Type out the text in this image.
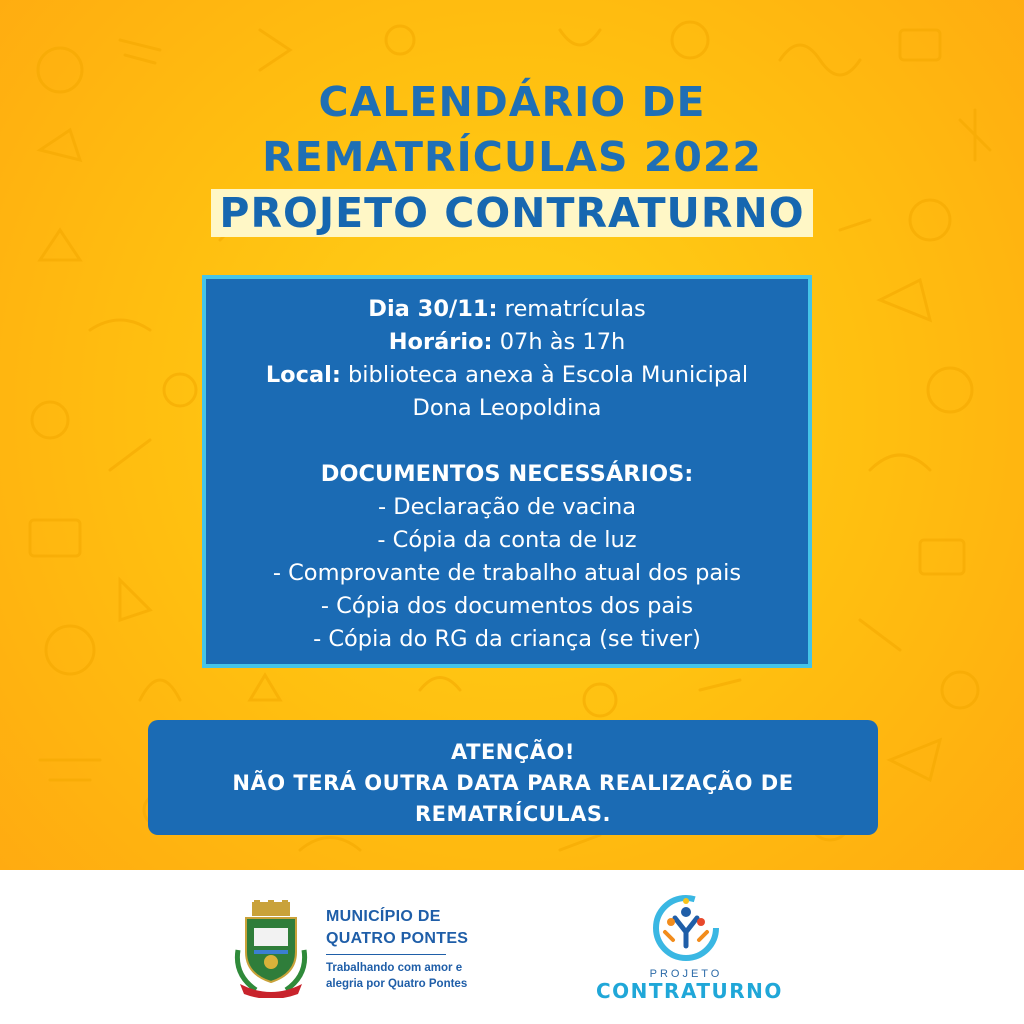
CALENDÁRIO DE
REMATRÍCULAS 2022
PROJETO CONTRATURNO
Dia 30/11: rematrículas
Horário: 07h às 17h
Local: biblioteca anexa à Escola Municipal
Dona Leopoldina
DOCUMENTOS NECESSÁRIOS:
- Declaração de vacina
- Cópia da conta de luz
- Comprovante de trabalho atual dos pais
- Cópia dos documentos dos pais
- Cópia do RG da criança (se tiver)
ATENÇÃO!
NÃO TERÁ OUTRA DATA PARA REALIZAÇÃO DE
REMATRÍCULAS.
MUNICÍPIO DE
QUATRO PONTES
Trabalhando com amor e
alegria por Quatro Pontes
PROJETO
CONTRATURNO
